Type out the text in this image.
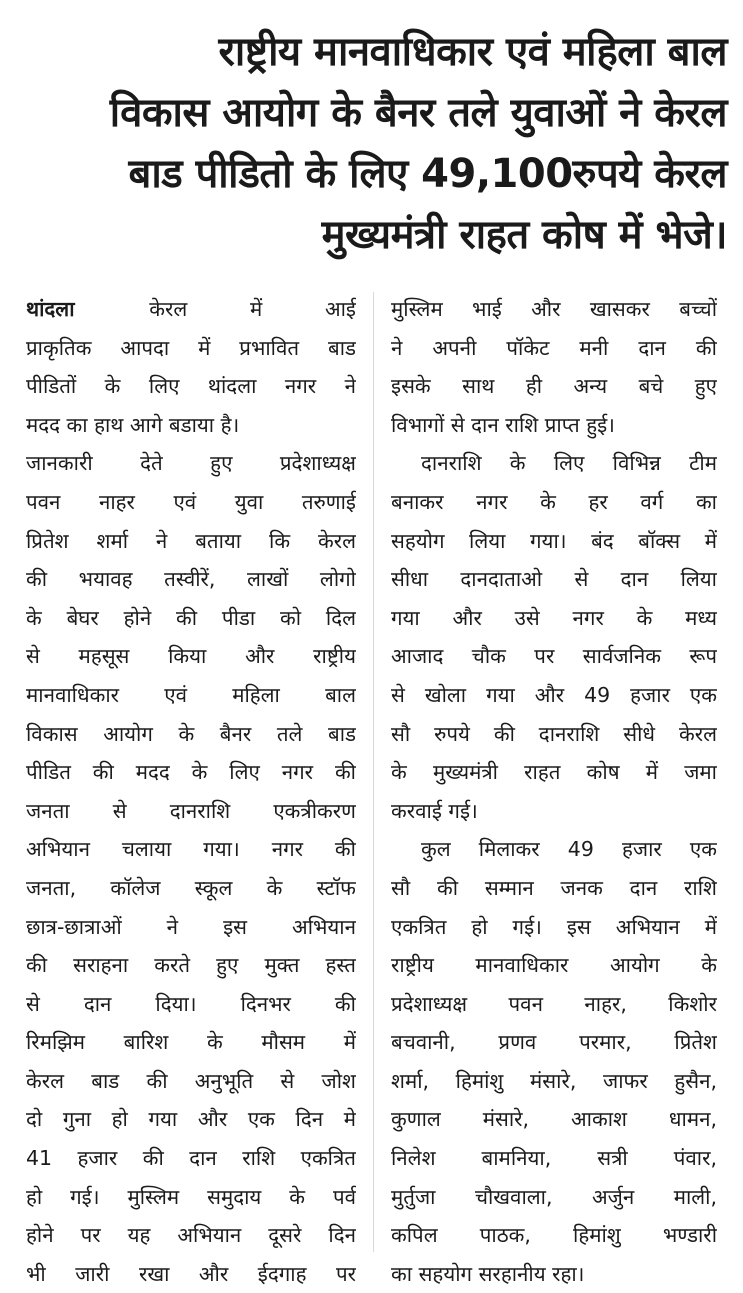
राष्ट्रीय मानवाधिकार एवं महिला बाल
विकास आयोग के बैनर तले युवाओं ने केरल
बाड पीडितो के लिए 49,100रुपये केरल
मुख्यमंत्री राहत कोष में भेजे।
थांदला	केरल में आई
प्राकृतिक आपदा में प्रभावित बाड
पीडितों के लिए थांदला नगर ने
मदद का हाथ आगे बडाया है।
जानकारी देते हुए प्रदेशाध्यक्ष
पवन नाहर एवं युवा तरुणाई
प्रितेश शर्मा ने बताया कि केरल
की भयावह तस्वीरें, लाखों लोगो
के बेघर होने की पीडा को दिल
से महसूस किया और राष्ट्रीय
मानवाधिकार एवं महिला बाल
विकास आयोग के बैनर तले बाड
पीडित की मदद के लिए नगर की
जनता से दानराशि एकत्रीकरण
अभियान चलाया गया। नगर की
जनता, कॉलेज स्कूल के स्टॉफ
छात्र-छात्राओं ने इस अभियान
की सराहना करते हुए मुक्त हस्त
से दान दिया। दिनभर की
रिमझिम बारिश के मौसम में
केरल बाड की अनुभूति से जोश
दो गुना हो गया और एक दिन मे
41 हजार की दान राशि एकत्रित
हो गई। मुस्लिम समुदाय के पर्व
होने पर यह अभियान दूसरे दिन
भी जारी रखा और ईदगाह पर
मुस्लिम भाई और खासकर बच्चों
ने अपनी पॉकेट मनी दान की
इसके साथ ही अन्य बचे हुए
विभागों से दान राशि प्राप्त हुई।
दानराशि के लिए विभिन्न टीम
बनाकर नगर के हर वर्ग का
सहयोग लिया गया। बंद बॉक्स में
सीधा दानदाताओ से दान लिया
गया और उसे नगर के मध्य
आजाद चौक पर सार्वजनिक रूप
से खोला गया और 49 हजार एक
सौ रुपये की दानराशि सीधे केरल
के मुख्यमंत्री राहत कोष में जमा
करवाई गई।
कुल मिलाकर 49 हजार एक
सौ की सम्मान जनक दान राशि
एकत्रित हो गई। इस अभियान में
राष्ट्रीय मानवाधिकार आयोग के
प्रदेशाध्यक्ष पवन नाहर, किशोर
बचवानी, प्रणव परमार, प्रितेश
शर्मा, हिमांशु मंसारे, जाफर हुसैन,
कुणाल मंसारे, आकाश धामन,
निलेश बामनिया, सत्री पंवार,
मुर्तुजा चौखवाला, अर्जुन माली,
कपिल पाठक, हिमांशु भण्डारी
का सहयोग सरहानीय रहा।
